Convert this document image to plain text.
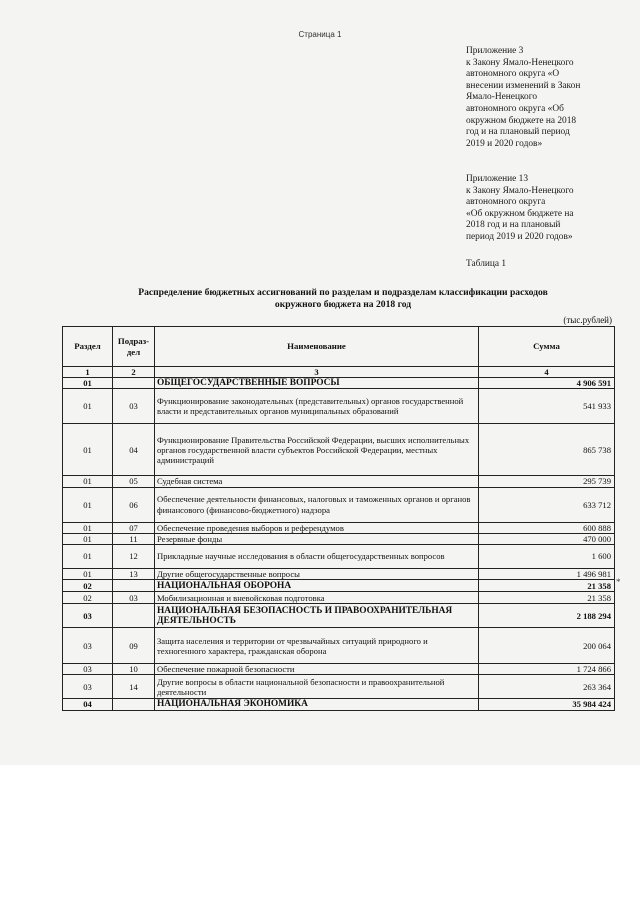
Страница 1
Приложение 3
к Закону Ямало-Ненецкого
автономного округа «О
внесении изменений в Закон
Ямало-Ненецкого
автономного округа «Об
окружном бюджете на 2018
год и на плановый период
2019 и 2020 годов»
Приложение 13
к Закону Ямало-Ненецкого
автономного округа
«Об окружном бюджете на
2018 год и на плановый
период 2019 и 2020 годов»
Таблица 1
Распределение бюджетных ассигнований по разделам и подразделам классификации расходов
окружного бюджета на 2018 год
(тыс.рублей)
Раздел	Подраз-дел	Наименование	Сумма
1	2	3	4
01		ОБЩЕГОСУДАРСТВЕННЫЕ ВОПРОСЫ	4 906 591
01	03	Функционирование законодательных (представительных) органов государственной власти и представительных органов муниципальных образований	541 933
01	04	Функционирование Правительства Российской Федерации, высших исполнительных органов государственной власти субъектов Российской Федерации, местных администраций	865 738
01	05	Судебная система	295 739
01	06	Обеспечение деятельности финансовых, налоговых и таможенных органов и органов финансового (финансово-бюджетного) надзора	633 712
01	07	Обеспечение проведения выборов и референдумов	600 888
01	11	Резервные фонды	470 000
01	12	Прикладные научные исследования в области общегосударственных вопросов	1 600
01	13	Другие общегосударственные вопросы	1 496 981
02		НАЦИОНАЛЬНАЯ ОБОРОНА	21 358
02	03	Мобилизационная и вневойсковая подготовка	21 358
03		НАЦИОНАЛЬНАЯ БЕЗОПАСНОСТЬ И ПРАВООХРАНИТЕЛЬНАЯ ДЕЯТЕЛЬНОСТЬ	2 188 294
03	09	Защита населения и территории от чрезвычайных ситуаций природного и техногенного характера, гражданская оборона	200 064
03	10	Обеспечение пожарной безопасности	1 724 866
03	14	Другие вопросы в области национальной безопасности и правоохранительной деятельности	263 364
04		НАЦИОНАЛЬНАЯ ЭКОНОМИКА	35 984 424
*
